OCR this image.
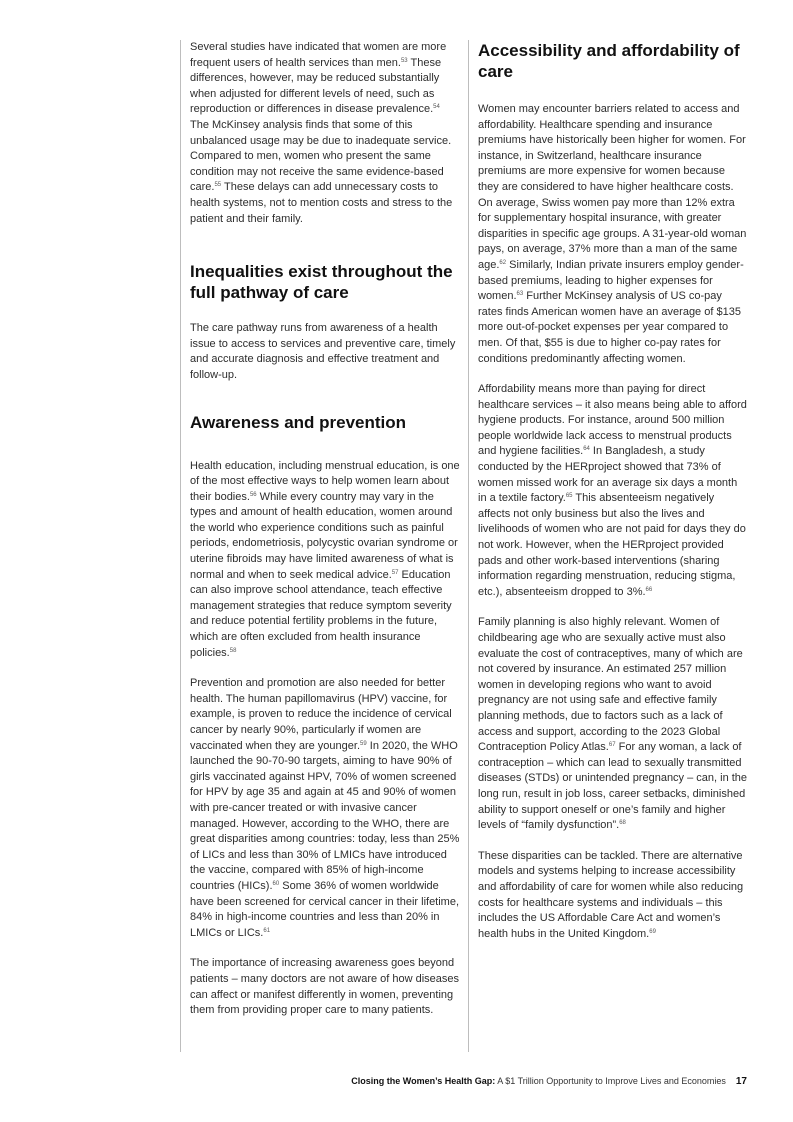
Several studies have indicated that women are more frequent users of health services than men.$^{53}$ These differences, however, may be reduced substantially when adjusted for different levels of need, such as reproduction or differences in disease prevalence.$^{54}$ The McKinsey analysis finds that some of this unbalanced usage may be due to inadequate service. Compared to men, women who present the same condition may not receive the same evidence-based care.$^{55}$ These delays can add unnecessary costs to health systems, not to mention costs and stress to the patient and their family.

Inequalities exist throughout the full pathway of care

The care pathway runs from awareness of a health issue to access to services and preventive care, timely and accurate diagnosis and effective treatment and follow-up.

Awareness and prevention

Health education, including menstrual education, is one of the most effective ways to help women learn about their bodies.$^{56}$ While every country may vary in the types and amount of health education, women around the world who experience conditions such as painful periods, endometriosis, polycystic ovarian syndrome or uterine fibroids may have limited awareness of what is normal and when to seek medical advice.$^{57}$ Education can also improve school attendance, teach effective management strategies that reduce symptom severity and reduce potential fertility problems in the future, which are often excluded from health insurance policies.$^{58}$

Prevention and promotion are also needed for better health. The human papillomavirus (HPV) vaccine, for example, is proven to reduce the incidence of cervical cancer by nearly 90%, particularly if women are vaccinated when they are younger.$^{59}$ In 2020, the WHO launched the 90-70-90 targets, aiming to have 90% of girls vaccinated against HPV, 70% of women screened for HPV by age 35 and again at 45 and 90% of women with pre-cancer treated or with invasive cancer managed. However, according to the WHO, there are great disparities among countries: today, less than 25% of LICs and less than 30% of LMICs have introduced the vaccine, compared with 85% of high-income countries (HICs).$^{60}$ Some 36% of women worldwide have been screened for cervical cancer in their lifetime, 84% in high-income countries and less than 20% in LMICs or LICs.$^{61}$

The importance of increasing awareness goes beyond patients – many doctors are not aware of how diseases can affect or manifest differently in women, preventing them from providing proper care to many patients.

Accessibility and affordability of care

Women may encounter barriers related to access and affordability. Healthcare spending and insurance premiums have historically been higher for women. For instance, in Switzerland, healthcare insurance premiums are more expensive for women because they are considered to have higher healthcare costs. On average, Swiss women pay more than 12% extra for supplementary hospital insurance, with greater disparities in specific age groups. A 31-year-old woman pays, on average, 37% more than a man of the same age.$^{62}$ Similarly, Indian private insurers employ gender-based premiums, leading to higher expenses for women.$^{63}$ Further McKinsey analysis of US co-pay rates finds American women have an average of $135 more out-of-pocket expenses per year compared to men. Of that, $55 is due to higher co-pay rates for conditions predominantly affecting women.

Affordability means more than paying for direct healthcare services – it also means being able to afford hygiene products. For instance, around 500 million people worldwide lack access to menstrual products and hygiene facilities.$^{64}$ In Bangladesh, a study conducted by the HERproject showed that 73% of women missed work for an average six days a month in a textile factory.$^{65}$ This absenteeism negatively affects not only business but also the lives and livelihoods of women who are not paid for days they do not work. However, when the HERproject provided pads and other work-based interventions (sharing information regarding menstruation, reducing stigma, etc.), absenteeism dropped to 3%.$^{66}$

Family planning is also highly relevant. Women of childbearing age who are sexually active must also evaluate the cost of contraceptives, many of which are not covered by insurance. An estimated 257 million women in developing regions who want to avoid pregnancy are not using safe and effective family planning methods, due to factors such as a lack of access and support, according to the 2023 Global Contraception Policy Atlas.$^{67}$ For any woman, a lack of contraception – which can lead to sexually transmitted diseases (STDs) or unintended pregnancy – can, in the long run, result in job loss, career setbacks, diminished ability to support oneself or one’s family and higher levels of “family dysfunction”.$^{68}$

These disparities can be tackled. There are alternative models and systems helping to increase accessibility and affordability of care for women while also reducing costs for healthcare systems and individuals – this includes the US Affordable Care Act and women’s health hubs in the United Kingdom.$^{69}$

Closing the Women’s Health Gap: A $1 Trillion Opportunity to Improve Lives and Economies 17
